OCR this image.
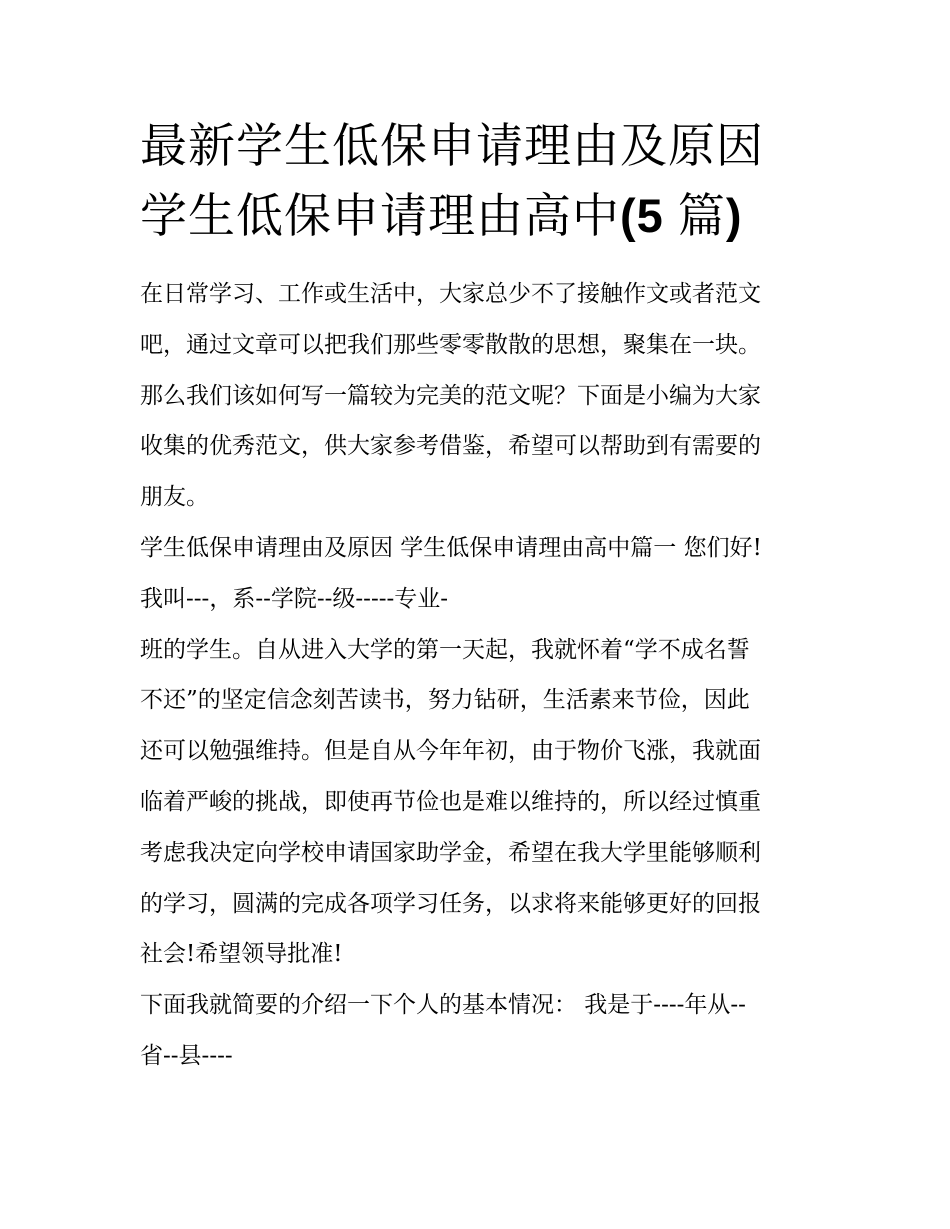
最新学生低保申请理由及原因
学生低保申请理由高中(5 篇)

在日常学习、工作或生活中，大家总少不了接触作文或者范文
吧，通过文章可以把我们那些零零散散的思想，聚集在一块。
那么我们该如何写一篇较为完美的范文呢？下面是小编为大家
收集的优秀范文，供大家参考借鉴，希望可以帮助到有需要的
朋友。

学生低保申请理由及原因 学生低保申请理由高中篇一 您们好!
我叫---，系--学院--级-----专业-

班的学生。自从进入大学的第一天起，我就怀着“学不成名誓
不还”的坚定信念刻苦读书，努力钻研，生活素来节俭，因此
还可以勉强维持。但是自从今年年初，由于物价飞涨，我就面
临着严峻的挑战，即使再节俭也是难以维持的，所以经过慎重
考虑我决定向学校申请国家助学金，希望在我大学里能够顺利
的学习，圆满的完成各项学习任务，以求将来能够更好的回报
社会!希望领导批准!

下面我就简要的介绍一下个人的基本情况： 我是于----年从--
省--县----
